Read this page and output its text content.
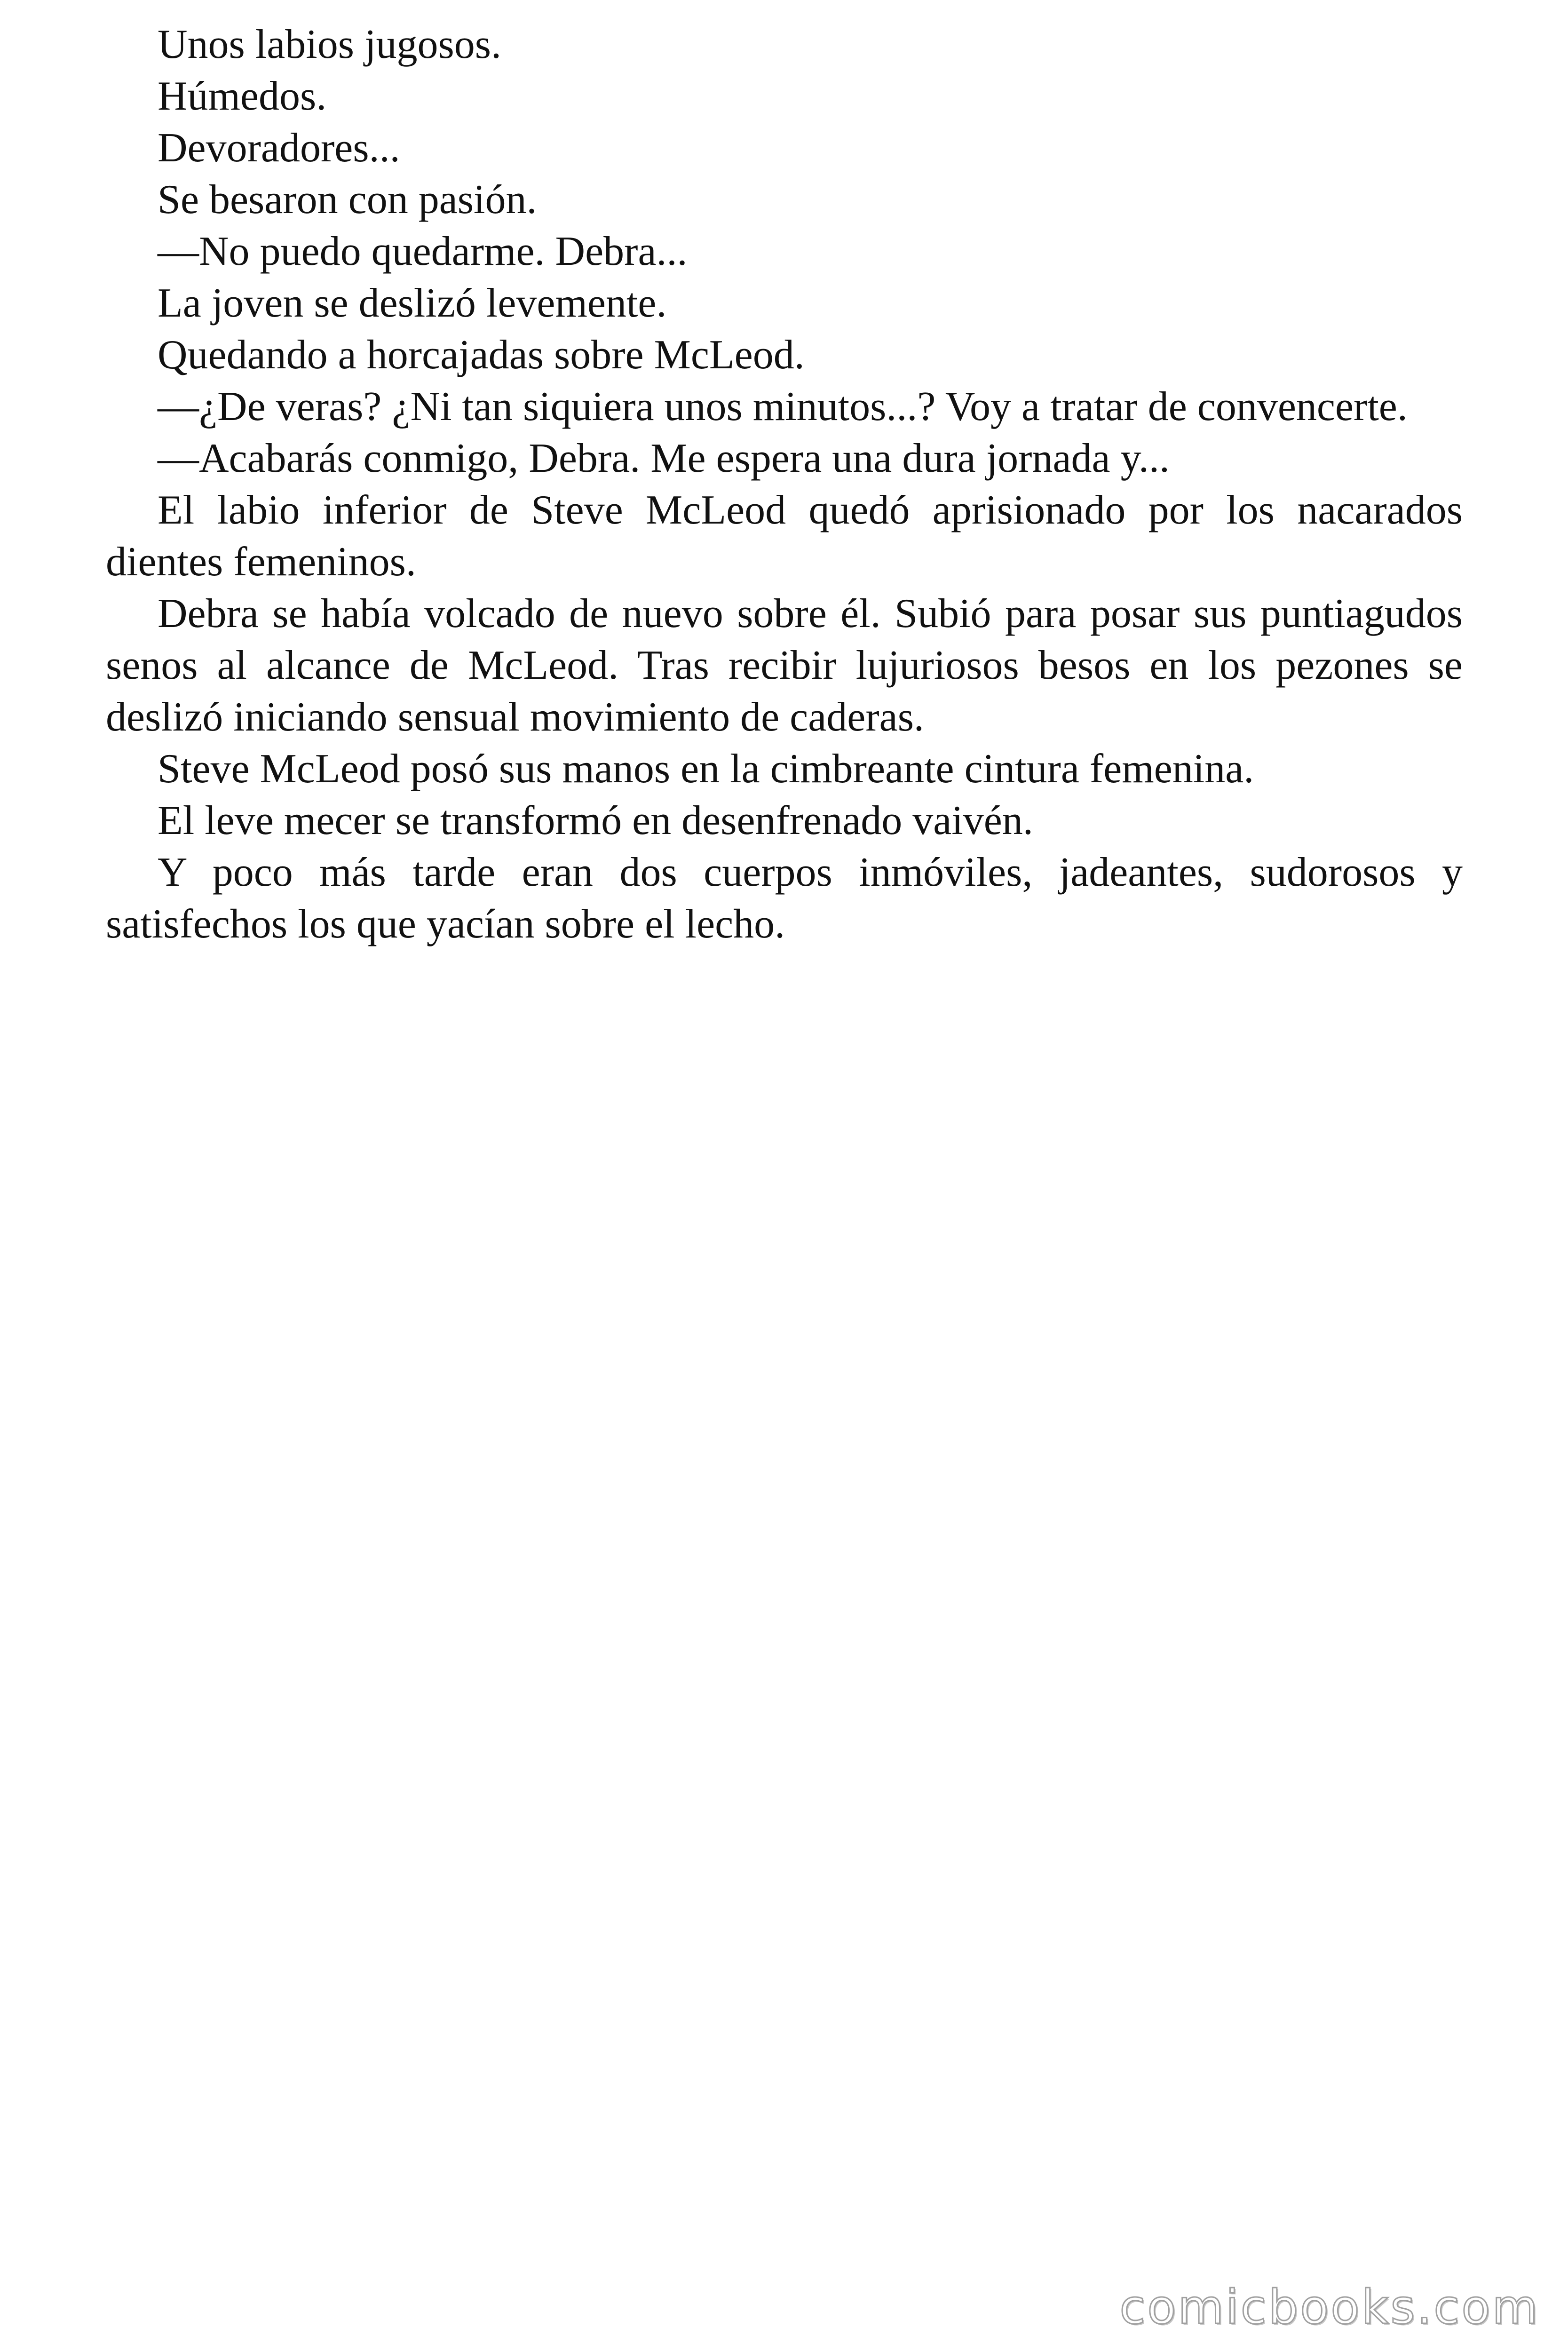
Unos labios jugosos.

Húmedos.

Devoradores...

Se besaron con pasión.

—No puedo quedarme. Debra...

La joven se deslizó levemente.

Quedando a horcajadas sobre McLeod.

—¿De veras? ¿Ni tan siquiera unos minutos...? Voy a tratar de convencerte.

—Acabarás conmigo, Debra. Me espera una dura jornada y...

El labio inferior de Steve McLeod quedó aprisionado por los nacarados dientes femeninos.

Debra se había volcado de nuevo sobre él. Subió para posar sus puntiagudos senos al alcance de McLeod. Tras recibir lujuriosos besos en los pezones se deslizó iniciando sensual movimiento de caderas.

Steve McLeod posó sus manos en la cimbreante cintura femenina.

El leve mecer se transformó en desenfrenado vaivén.

Y poco más tarde eran dos cuerpos inmóviles, jadeantes, sudorosos y satisfechos los que yacían sobre el lecho.

comicbooks.com
